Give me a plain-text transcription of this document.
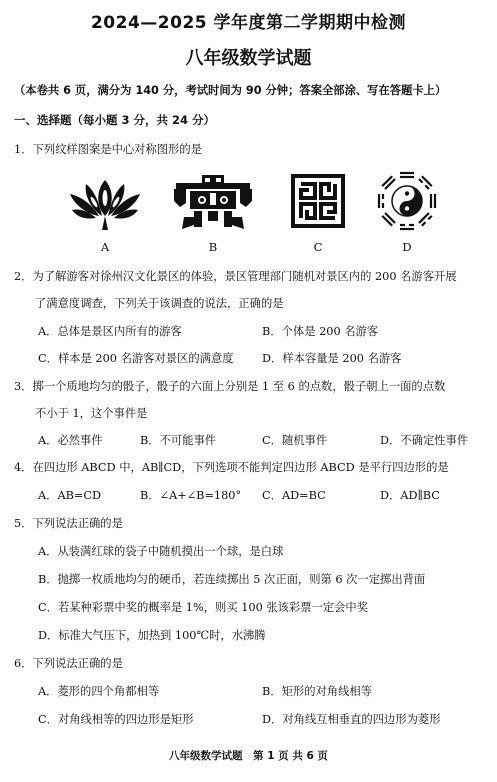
2024—2025 学年度第二学期期中检测
八年级数学试题
（本卷共 6 页，满分为 140 分，考试时间为 90 分钟；答案全部涂、写在答题卡上）
一、选择题（每小题 3 分，共 24 分）
1．下列纹样图案是中心对称图形的是
A	B	C	D
2．为了解游客对徐州汉文化景区的体验，景区管理部门随机对景区内的 200 名游客开展
了满意度调查，下列关于该调查的说法，正确的是
A．总体是景区内所有的游客	B．个体是 200 名游客
C．样本是 200 名游客对景区的满意度	D．样本容量是 200 名游客
3．掷一个质地均匀的骰子，骰子的六面上分别是 1 至 6 的点数，骰子朝上一面的点数
不小于 1，这个事件是
A．必然事件	B．不可能事件	C．随机事件	D．不确定性事件
4．在四边形 ABCD 中，AB∥CD，下列选项不能判定四边形 ABCD 是平行四边形的是
A．AB=CD	B．∠A+∠B=180° C．AD=BC	D．AD∥BC
5．下列说法正确的是
A．从装满红球的袋子中随机摸出一个球，是白球
B．抛掷一枚质地均匀的硬币，若连续掷出 5 次正面，则第 6 次一定掷出背面
C．若某种彩票中奖的概率是 1%，则买 100 张该彩票一定会中奖
D．标准大气压下，加热到 100℃时，水沸腾
6．下列说法正确的是
A．菱形的四个角都相等	B．矩形的对角线相等
C．对角线相等的四边形是矩形	D．对角线互相垂直的四边形为菱形
八年级数学试题　第 1 页 共 6 页
